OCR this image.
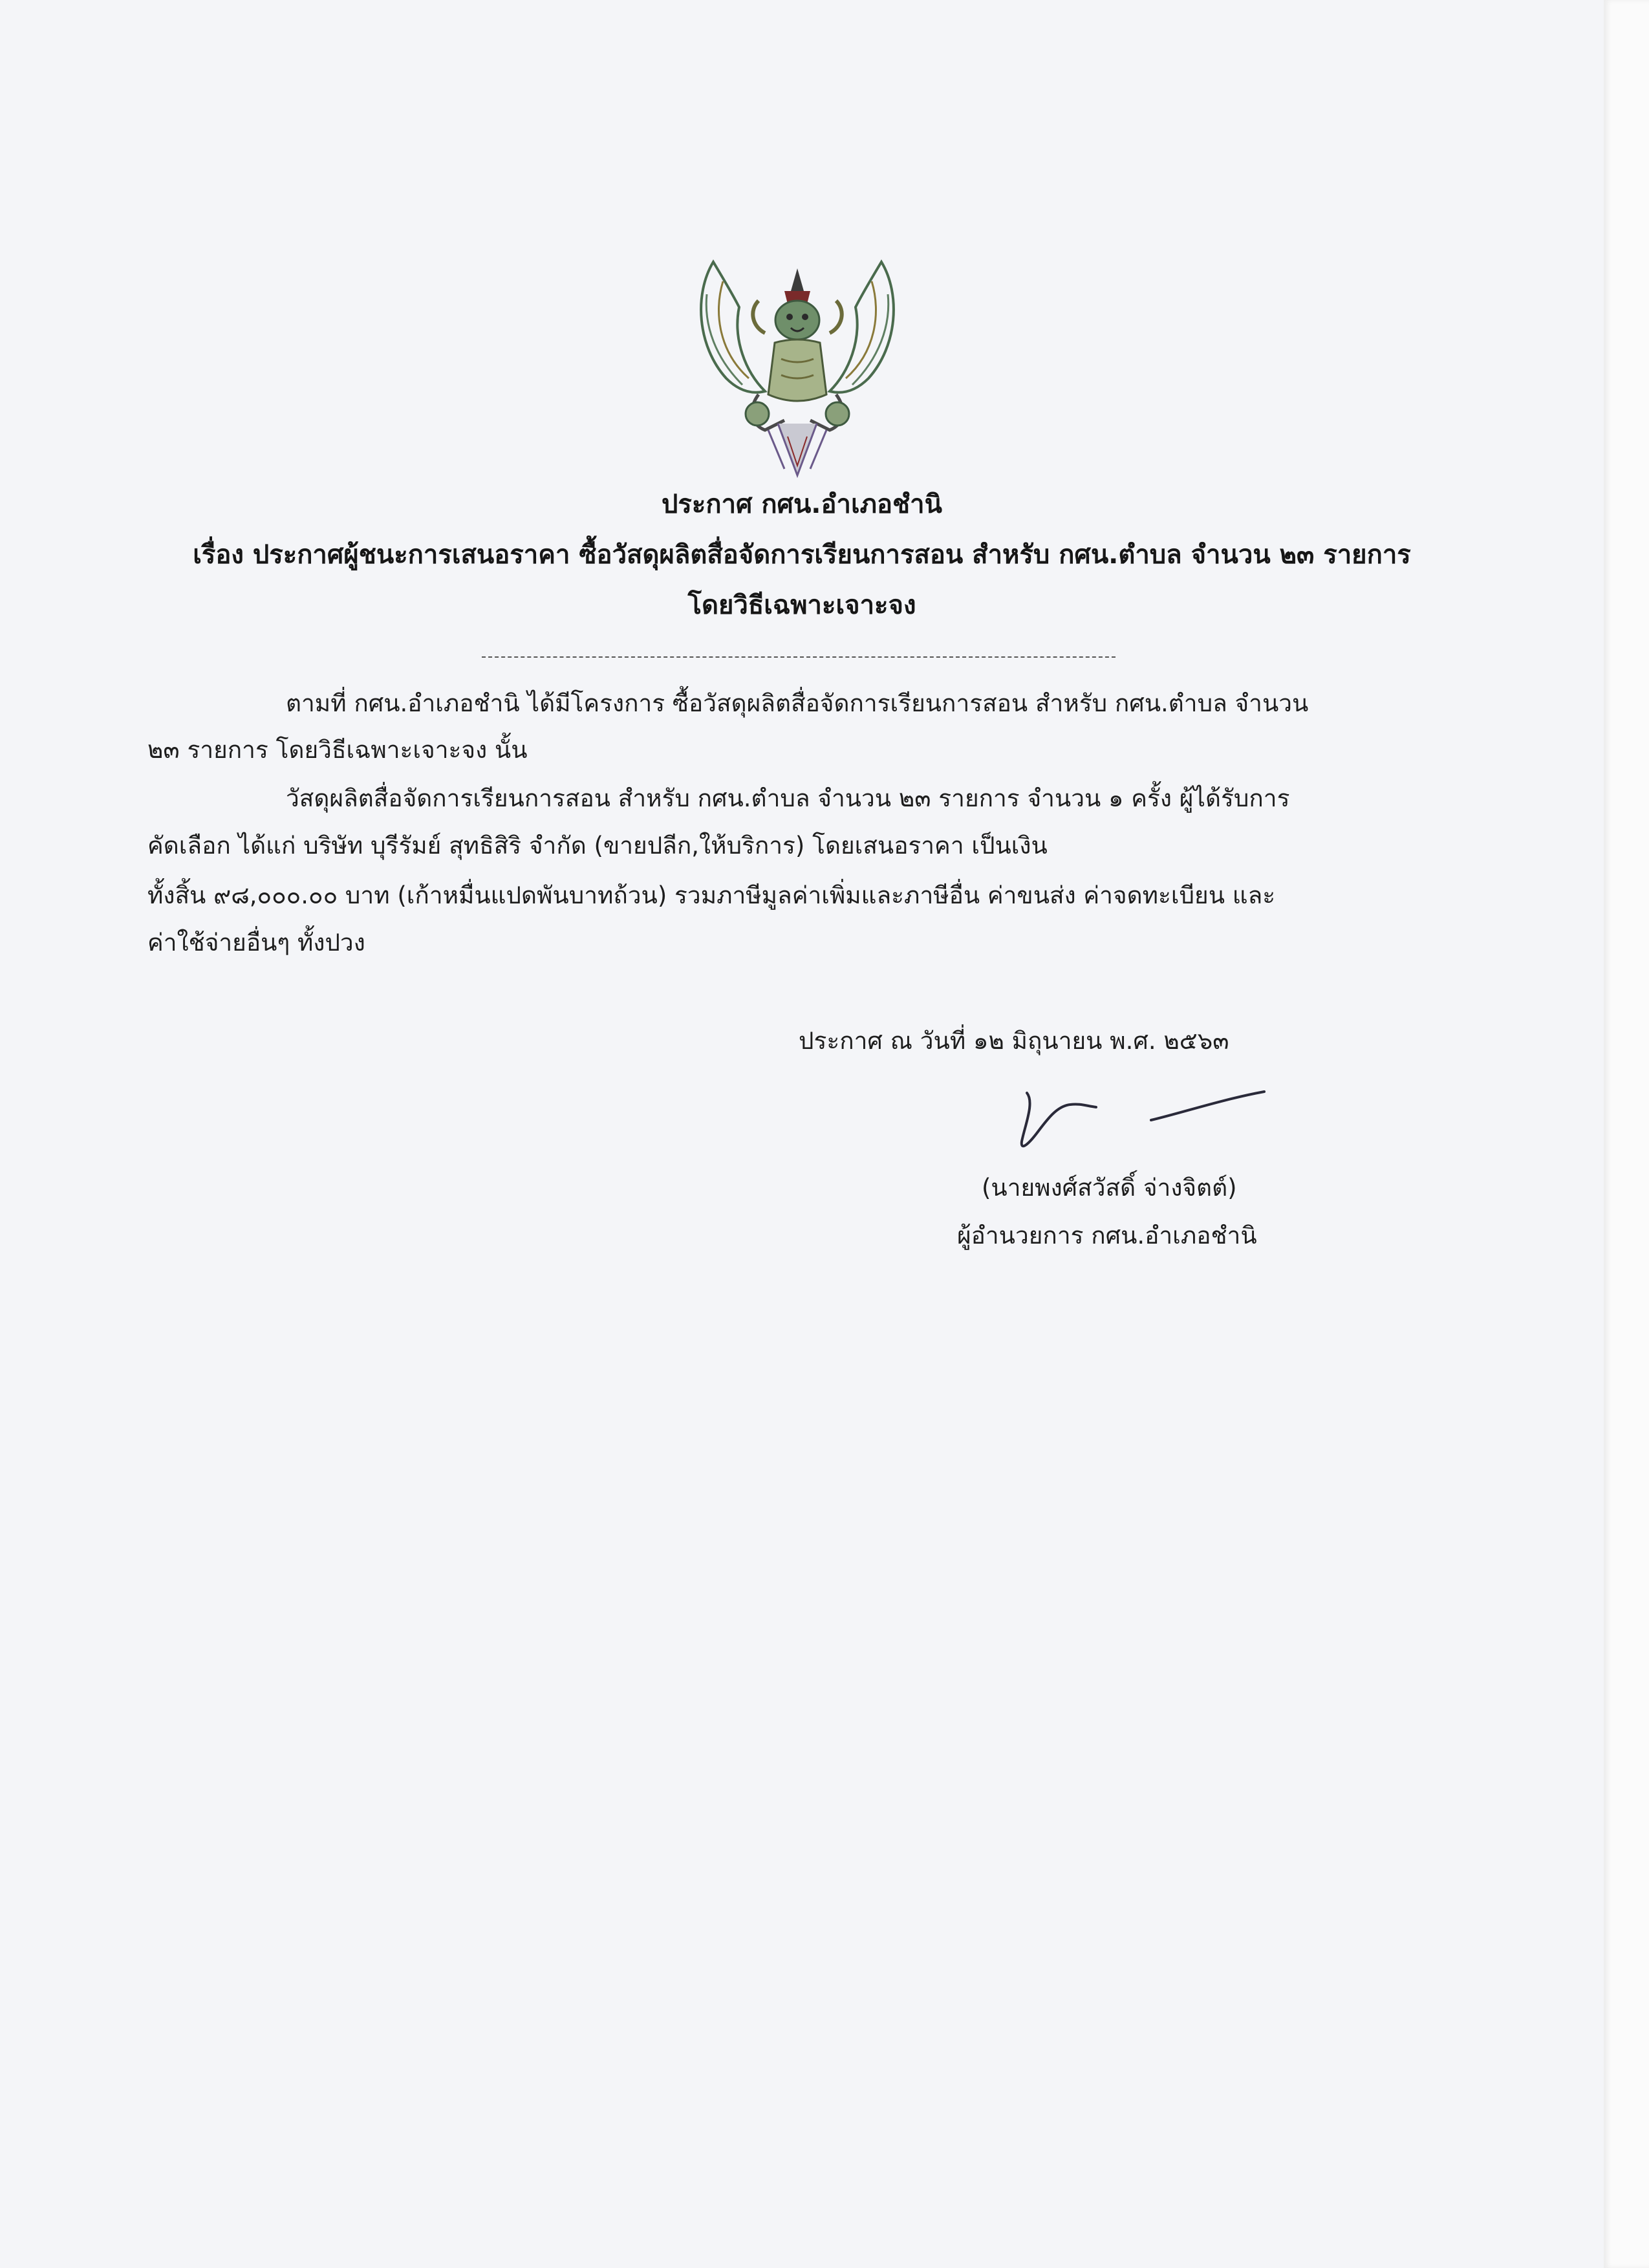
ประกาศ กศน.อำเภอชำนิ
เรื่อง ประกาศผู้ชนะการเสนอราคา ซื้อวัสดุผลิตสื่อจัดการเรียนการสอน สำหรับ กศน.ตำบล จำนวน ๒๓ รายการ
โดยวิธีเฉพาะเจาะจง
ตามที่ กศน.อำเภอชำนิ ได้มีโครงการ ซื้อวัสดุผลิตสื่อจัดการเรียนการสอน สำหรับ กศน.ตำบล จำนวน
๒๓ รายการ โดยวิธีเฉพาะเจาะจง นั้น
วัสดุผลิตสื่อจัดการเรียนการสอน สำหรับ กศน.ตำบล จำนวน ๒๓ รายการ จำนวน ๑ ครั้ง ผู้ได้รับการ
คัดเลือก ได้แก่ บริษัท บุรีรัมย์ สุทธิสิริ จำกัด (ขายปลีก,ให้บริการ) โดยเสนอราคา เป็นเงิน
ทั้งสิ้น ๙๘,๐๐๐.๐๐ บาท (เก้าหมื่นแปดพันบาทถ้วน) รวมภาษีมูลค่าเพิ่มและภาษีอื่น ค่าขนส่ง ค่าจดทะเบียน และ
ค่าใช้จ่ายอื่นๆ ทั้งปวง
ประกาศ ณ วันที่ ๑๒ มิถุนายน พ.ศ. ๒๕๖๓
(นายพงศ์สวัสดิ์ จ่างจิตต์)
ผู้อำนวยการ กศน.อำเภอชำนิ
